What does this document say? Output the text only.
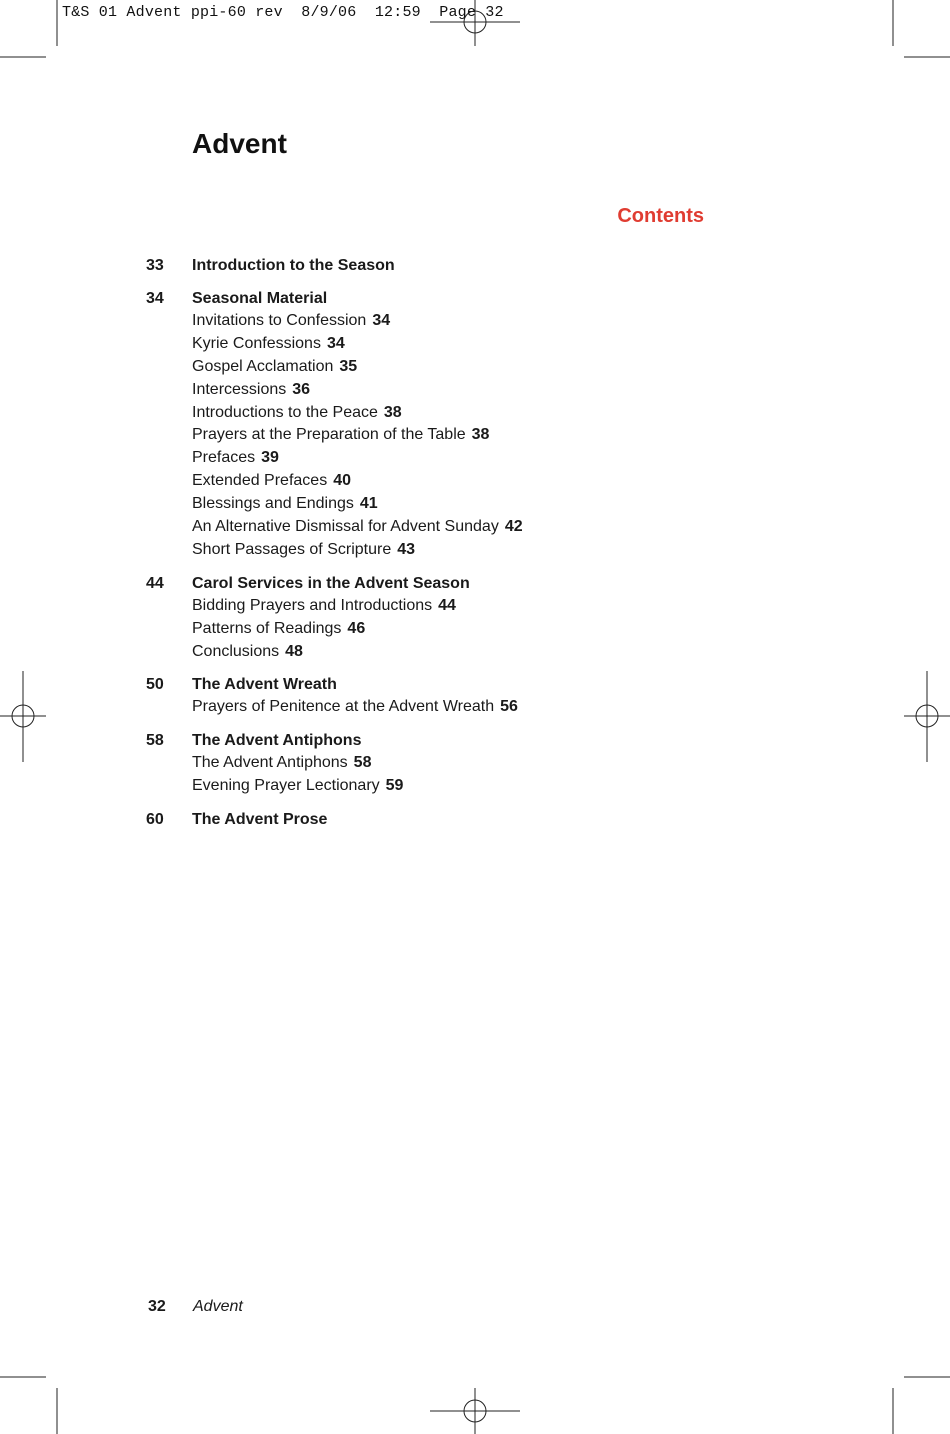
T&S 01 Advent ppi-60 rev  8/9/06  12:59  Page 32
Advent
Contents
33	Introduction to the Season
34	Seasonal Material
Invitations to Confession 34
Kyrie Confessions 34
Gospel Acclamation 35
Intercessions 36
Introductions to the Peace 38
Prayers at the Preparation of the Table 38
Prefaces 39
Extended Prefaces 40
Blessings and Endings 41
An Alternative Dismissal for Advent Sunday 42
Short Passages of Scripture 43
44	Carol Services in the Advent Season
Bidding Prayers and Introductions 44
Patterns of Readings 46
Conclusions 48
50	The Advent Wreath
Prayers of Penitence at the Advent Wreath 56
58	The Advent Antiphons
The Advent Antiphons 58
Evening Prayer Lectionary 59
60	The Advent Prose
32	Advent
